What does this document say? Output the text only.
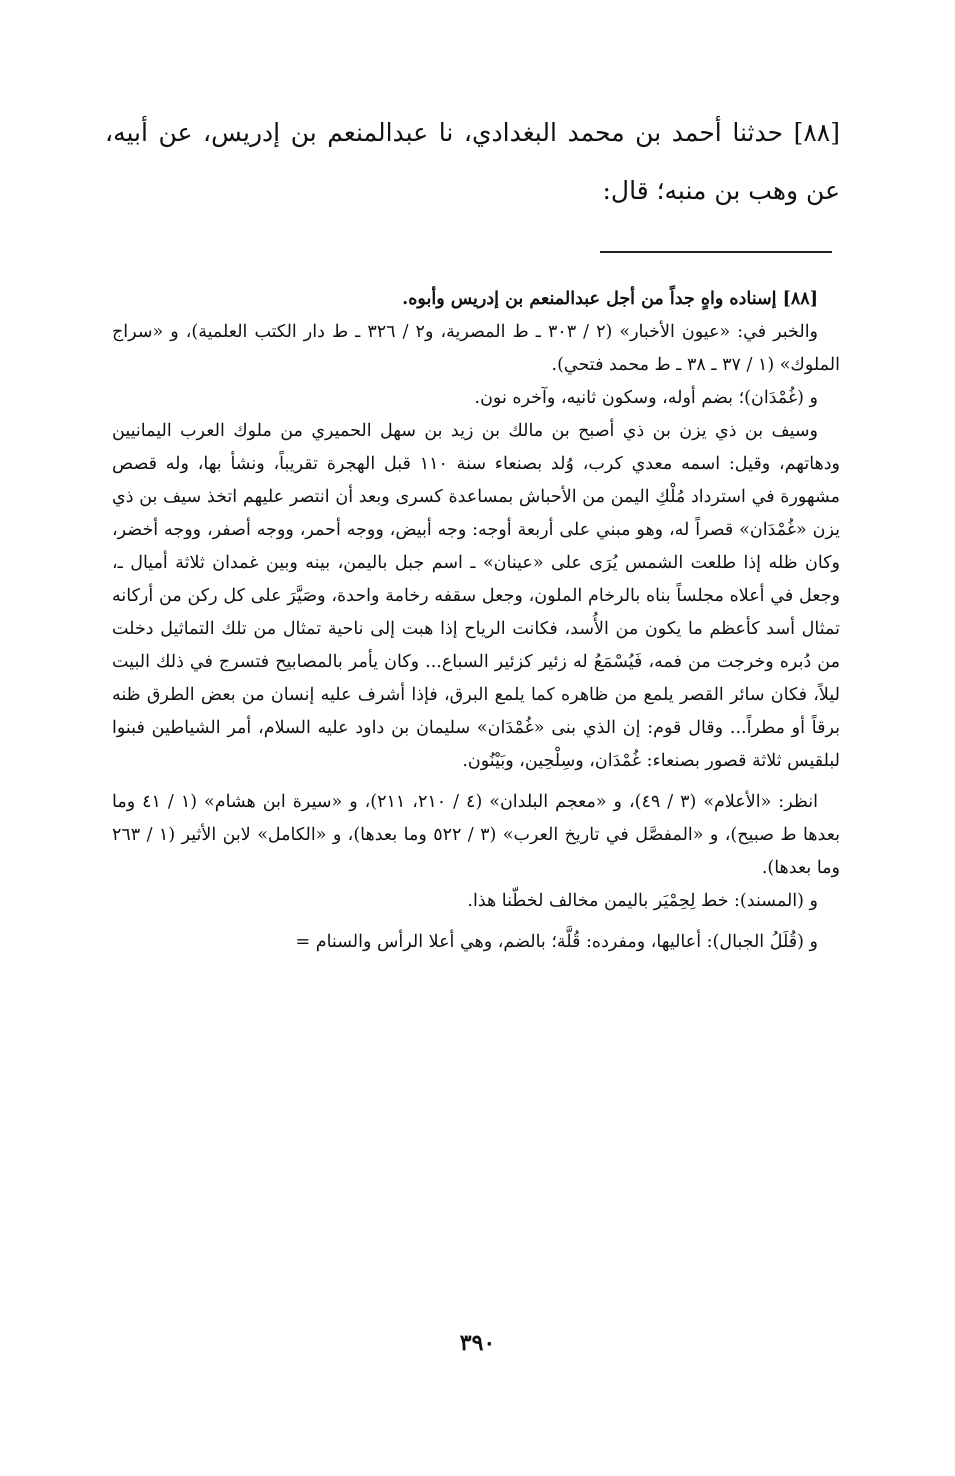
[٨٨] حدثنا أحمد بن محمد البغدادي، نا عبدالمنعم بن إدريس، عن أبيه، عن وهب بن منبه؛ قال:

[٨٨] إسناده واهٍ جداً من أجل عبدالمنعم بن إدريس وأبوه.

والخبر في: «عيون الأخبار» (٢ / ٣٠٣ ـ ط المصرية، و٢ / ٣٢٦ ـ ط دار الكتب العلمية)، و «سراج الملوك» (١ / ٣٧ ـ ٣٨ ـ ط محمد فتحي).

و (غُمْدَان)؛ بضم أوله، وسكون ثانيه، وآخره نون.

وسيف بن ذي يزن بن ذي أصبح بن مالك بن زيد بن سهل الحميري من ملوك العرب اليمانيين ودهاتهم، وقيل: اسمه معدي كرب، وُلد بصنعاء سنة ١١٠ قبل الهجرة تقريباً، ونشأ بها، وله قصص مشهورة في استرداد مُلْكِ اليمن من الأحباش بمساعدة كسرى وبعد أن انتصر عليهم اتخذ سيف بن ذي يزن «غُمْدَان» قصراً له، وهو مبني على أربعة أوجه: وجه أبيض، ووجه أحمر، ووجه أصفر، ووجه أخضر، وكان ظله إذا طلعت الشمس يُرَى على «عينان» ـ اسم جبل باليمن، بينه وبين غمدان ثلاثة أميال ـ، وجعل في أعلاه مجلساً بناه بالرخام الملون، وجعل سقفه رخامة واحدة، وصَيَّرَ على كل ركن من أركانه تمثال أسد كأعظم ما يكون من الأُسد، فكانت الرياح إذا هبت إلى ناحية تمثال من تلك التماثيل دخلت من دُبره وخرجت من فمه، فَيُسْمَعُ له زئير كزئير السباع... وكان يأمر بالمصابيح فتسرج في ذلك البيت ليلاً، فكان سائر القصر يلمع من ظاهره كما يلمع البرق، فإذا أشرف عليه إنسان من بعض الطرق ظنه برقاً أو مطراً... وقال قوم: إن الذي بنى «غُمْدَان» سليمان بن داود عليه السلام، أمر الشياطين فبنوا لبلقيس ثلاثة قصور بصنعاء: غُمْدَان، وسِلْحِين، وبَيْنُون.

انظر: «الأعلام» (٣ / ٤٩)، و «معجم البلدان» (٤ / ٢١٠، ٢١١)، و «سيرة ابن هشام» (١ / ٤١ وما بعدها ط صبيح)، و «المفصَّل في تاريخ العرب» (٣ / ٥٢٢ وما بعدها)، و «الكامل» لابن الأثير (١ / ٢٦٣ وما بعدها).

و (المسند): خط لِحِمْيَر باليمن مخالف لخطّنا هذا.

و (قُلَلُ الجبال): أعاليها، ومفرده: قُلَّة؛ بالضم، وهي أعلا الرأس والسنام =

٣٩٠
